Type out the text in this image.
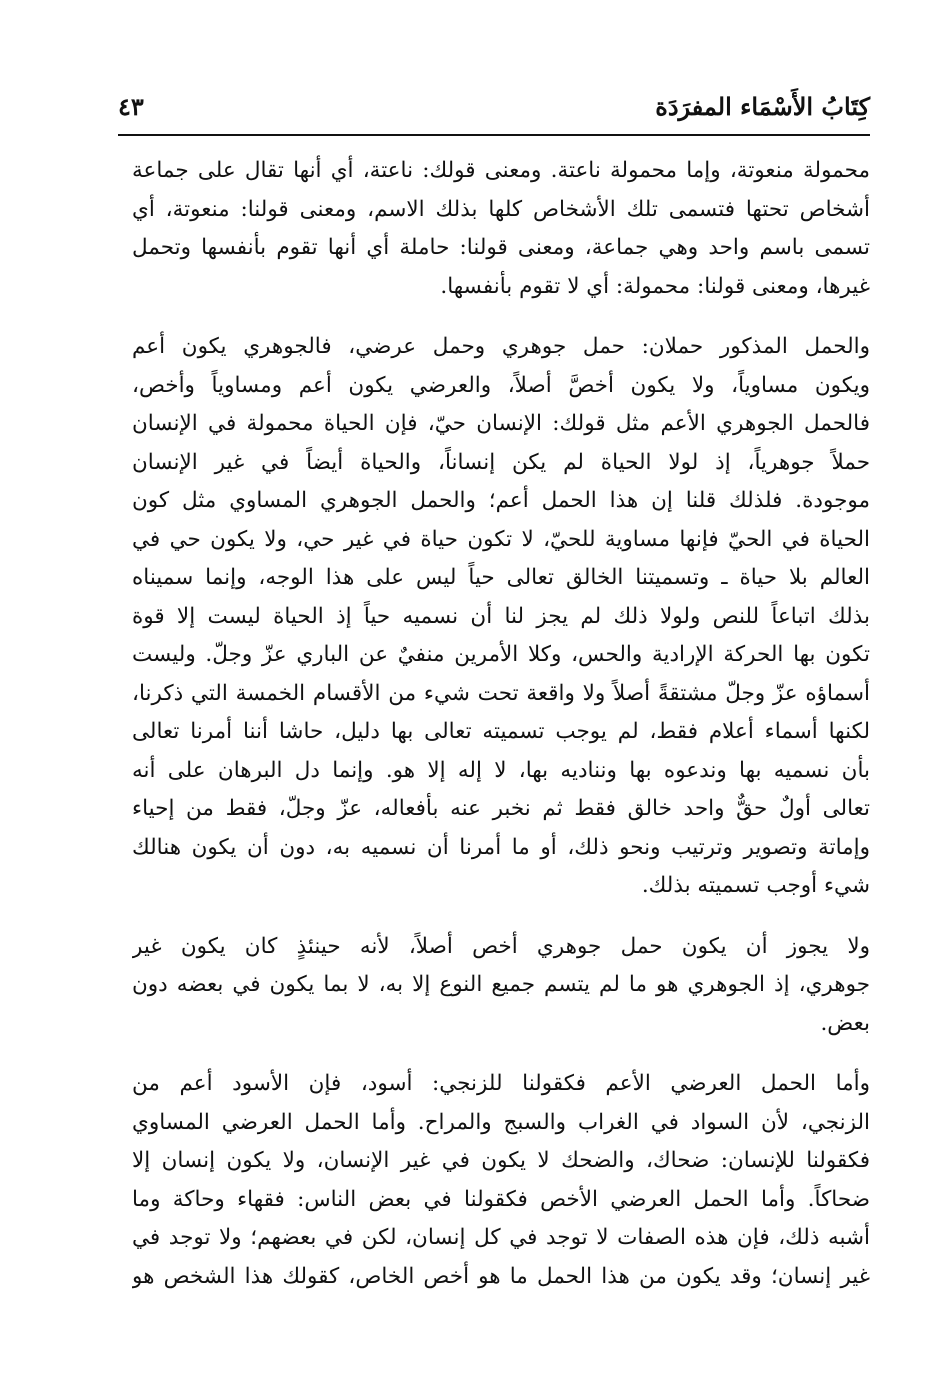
كِتَابُ الأَسْمَاء المفرَدَة
٤٣
محمولة منعوتة، وإما محمولة ناعتة. ومعنى قولك: ناعتة، أي أنها تقال على جماعة
أشخاص تحتها فتسمى تلك الأشخاص كلها بذلك الاسم، ومعنى قولنا: منعوتة، أي
تسمى باسم واحد وهي جماعة، ومعنى قولنا: حاملة أي أنها تقوم بأنفسها وتحمل
غيرها، ومعنى قولنا: محمولة: أي لا تقوم بأنفسها.
والحمل المذكور حملان: حمل جوهري وحمل عرضي، فالجوهري يكون أعم
ويكون مساوياً، ولا يكون أخصَّ أصلاً، والعرضي يكون أعم ومساوياً وأخص،
فالحمل الجوهري الأعم مثل قولك: الإنسان حيّ، فإن الحياة محمولة في الإنسان
حملاً جوهرياً، إذ لولا الحياة لم يكن إنساناً، والحياة أيضاً في غير الإنسان
موجودة. فلذلك قلنا إن هذا الحمل أعم؛ والحمل الجوهري المساوي مثل كون
الحياة في الحيّ فإنها مساوية للحيّ، لا تكون حياة في غير حي، ولا يكون حي في
العالم بلا حياة ـ وتسميتنا الخالق تعالى حياً ليس على هذا الوجه، وإنما سميناه
بذلك اتباعاً للنص ولولا ذلك لم يجز لنا أن نسميه حياً إذ الحياة ليست إلا قوة
تكون بها الحركة الإرادية والحس، وكلا الأمرين منفيٌ عن الباري عزّ وجلّ. وليست
أسماؤه عزّ وجلّ مشتقةً أصلاً ولا واقعة تحت شيء من الأقسام الخمسة التي ذكرنا،
لكنها أسماء أعلام فقط، لم يوجب تسميته تعالى بها دليل، حاشا أننا أمرنا تعالى
بأن نسميه بها وندعوه بها ونناديه بها، لا إله إلا هو. وإنما دل البرهان على أنه
تعالى أولٌ حقٌّ واحد خالق فقط ثم نخبر عنه بأفعاله، عزّ وجلّ، فقط من إحياء
وإماتة وتصوير وترتيب ونحو ذلك، أو ما أمرنا أن نسميه به، دون أن يكون هنالك
شيء أوجب تسميته بذلك.
ولا يجوز أن يكون حمل جوهري أخص أصلاً، لأنه حينئذٍ كان يكون غير
جوهري، إذ الجوهري هو ما لم يتسم جميع النوع إلا به، لا بما يكون في بعضه دون
بعض.
وأما الحمل العرضي الأعم فكقولنا للزنجي: أسود، فإن الأسود أعم من
الزنجي، لأن السواد في الغراب والسبج والمراح. وأما الحمل العرضي المساوي
فكقولنا للإنسان: ضحاك، والضحك لا يكون في غير الإنسان، ولا يكون إنسان إلا
ضحاكاً. وأما الحمل العرضي الأخص فكقولنا في بعض الناس: فقهاء وحاكة وما
أشبه ذلك، فإن هذه الصفات لا توجد في كل إنسان، لكن في بعضهم؛ ولا توجد في
غير إنسان؛ وقد يكون من هذا الحمل ما هو أخص الخاص، كقولك هذا الشخص هو
